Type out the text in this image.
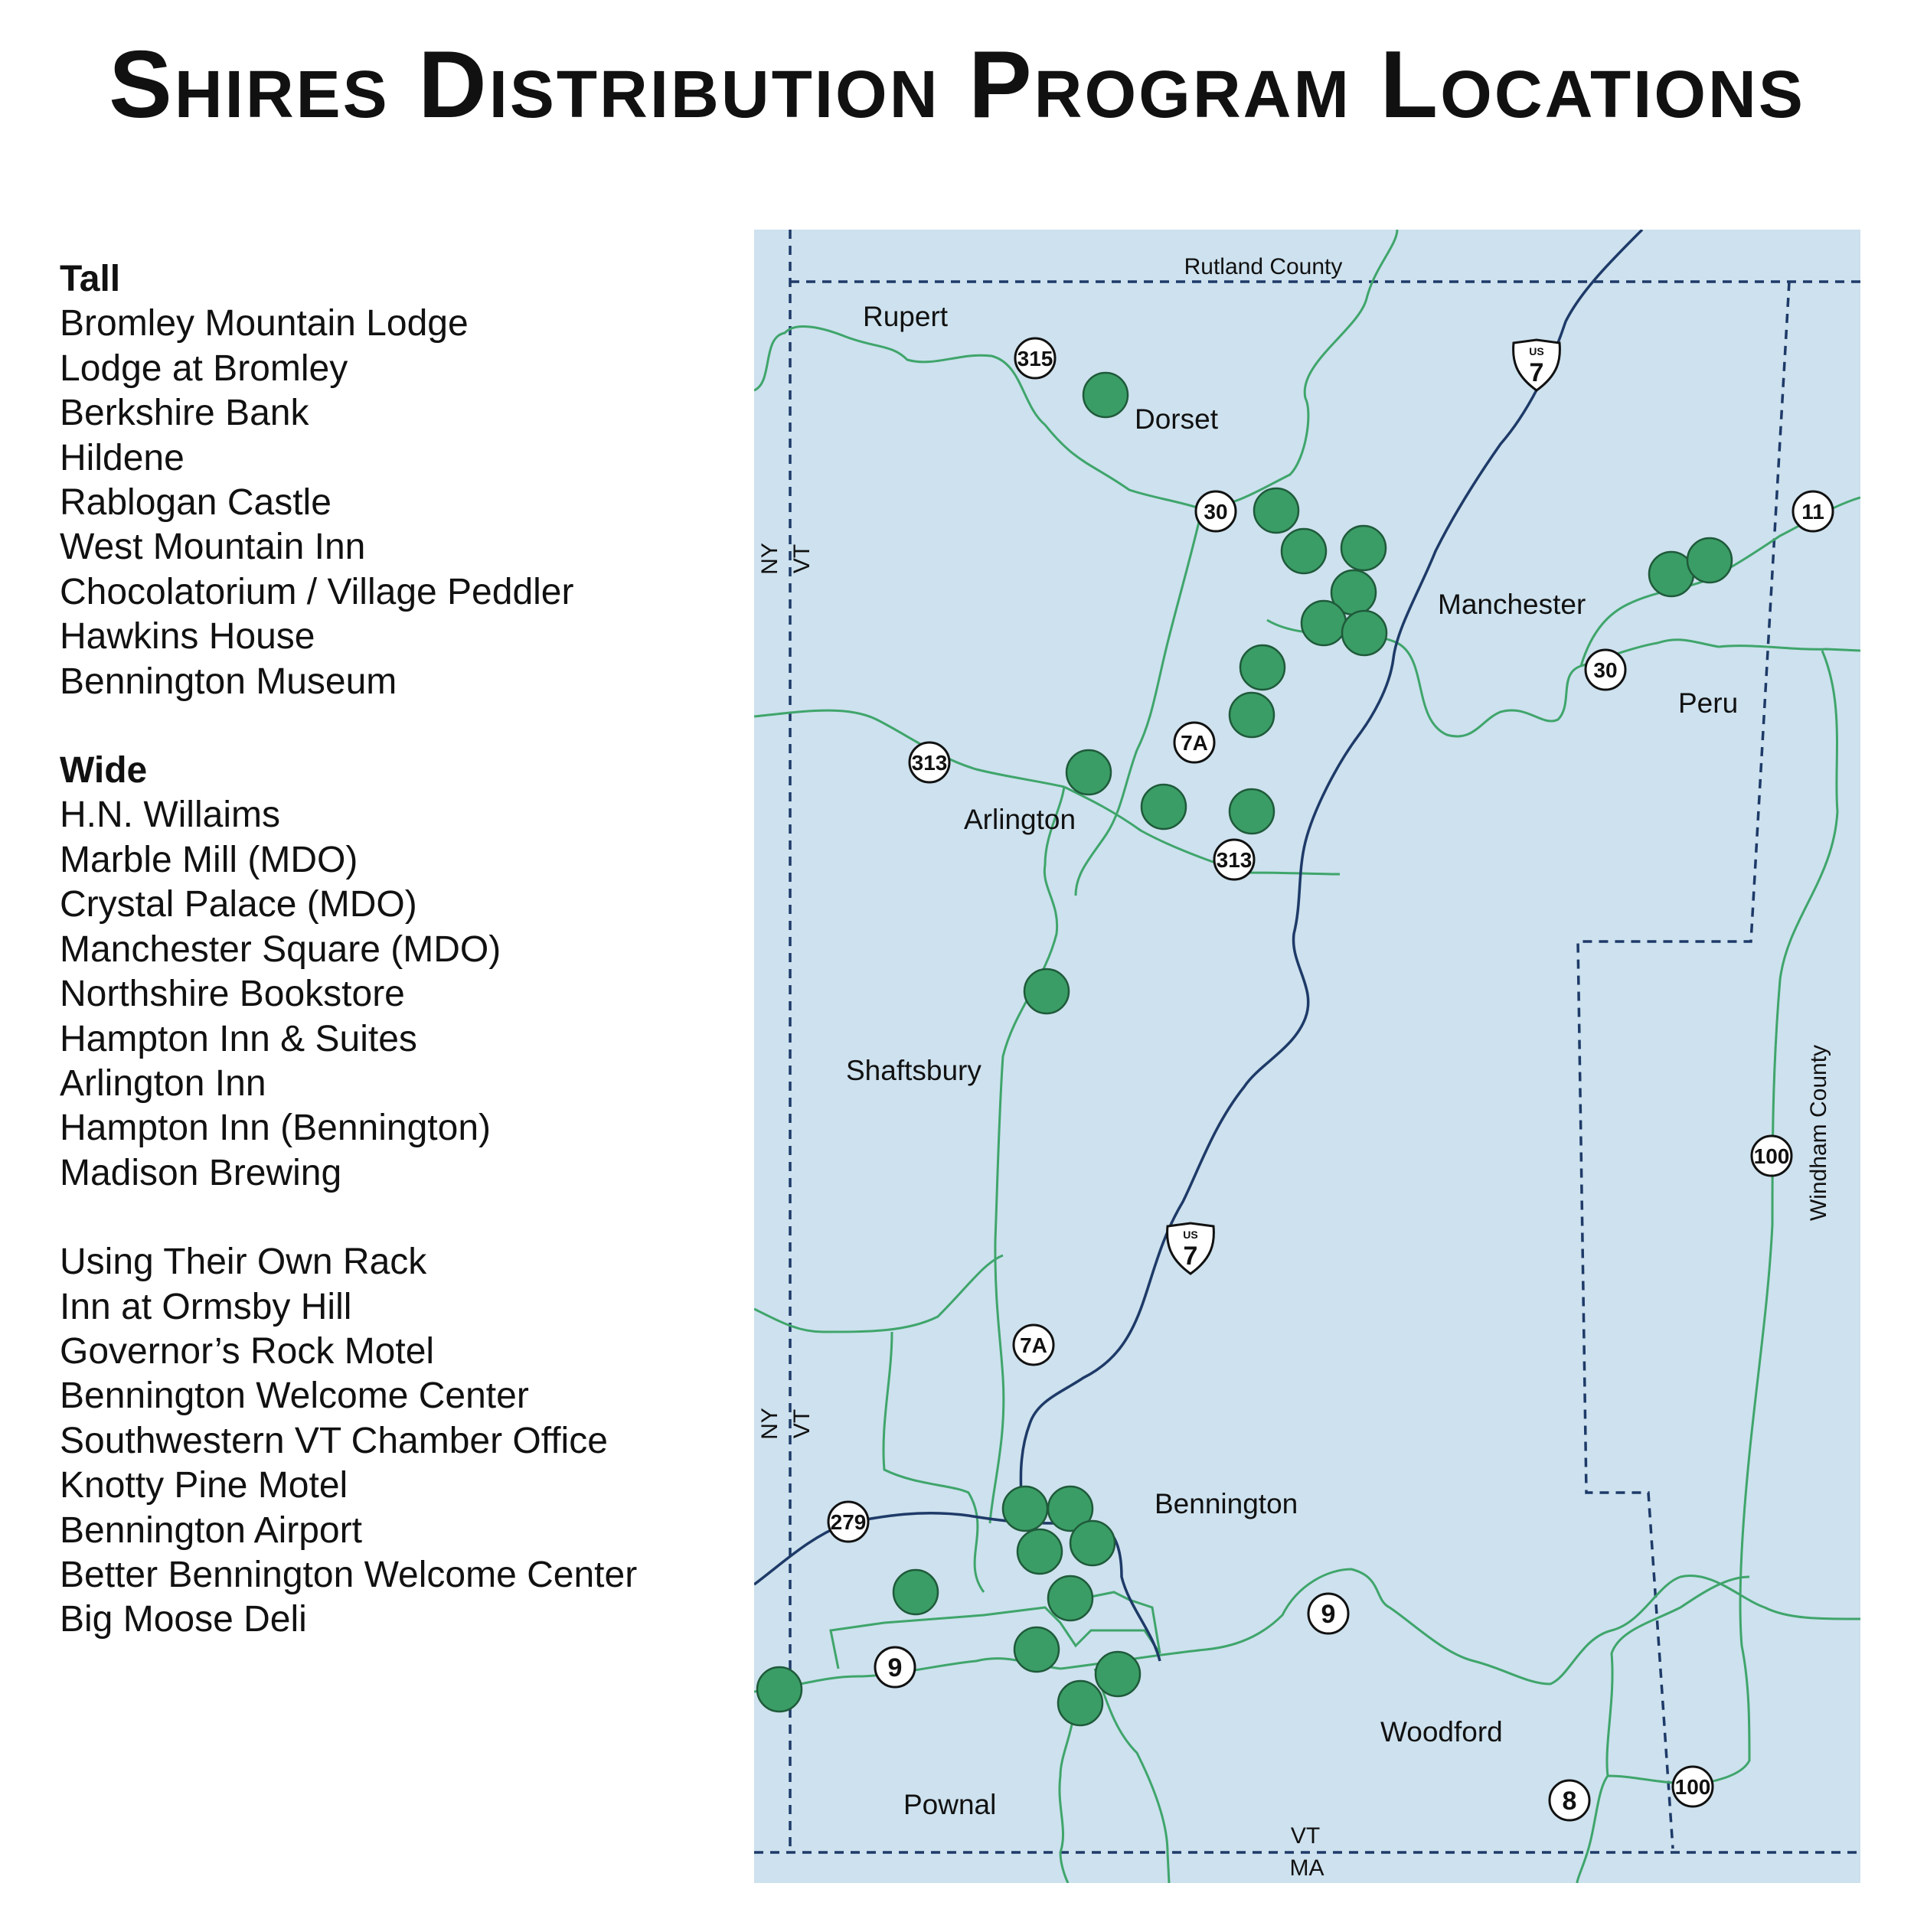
Shires Distribution Program Locations
Tall
Bromley Mountain Lodge
Lodge at Bromley
Berkshire Bank
Hildene
Rablogan Castle
West Mountain Inn
Chocolatorium / Village Peddler
Hawkins House
Bennington Museum
Wide
H.N. Willaims
Marble Mill (MDO)
Crystal Palace (MDO)
Manchester Square (MDO)
Northshire Bookstore
Hampton Inn & Suites
Arlington Inn
Hampton Inn (Bennington)
Madison Brewing
Using Their Own Rack
Inn at Ormsby Hill
Governor’s Rock Motel
Bennington Welcome Center
Southwestern VT Chamber Office
Knotty Pine Motel
Bennington Airport
Better Bennington Welcome Center
Big Moose Deli
Rutland County
Rupert
Dorset
Manchester
Peru
Arlington
Shaftsbury
Bennington
Woodford
Pownal
Windham County
NY VT
NY VT
VT
MA
315
30	11
30
7A
313
313
100
7A
279
9
9
100
8
US
7
US
7
